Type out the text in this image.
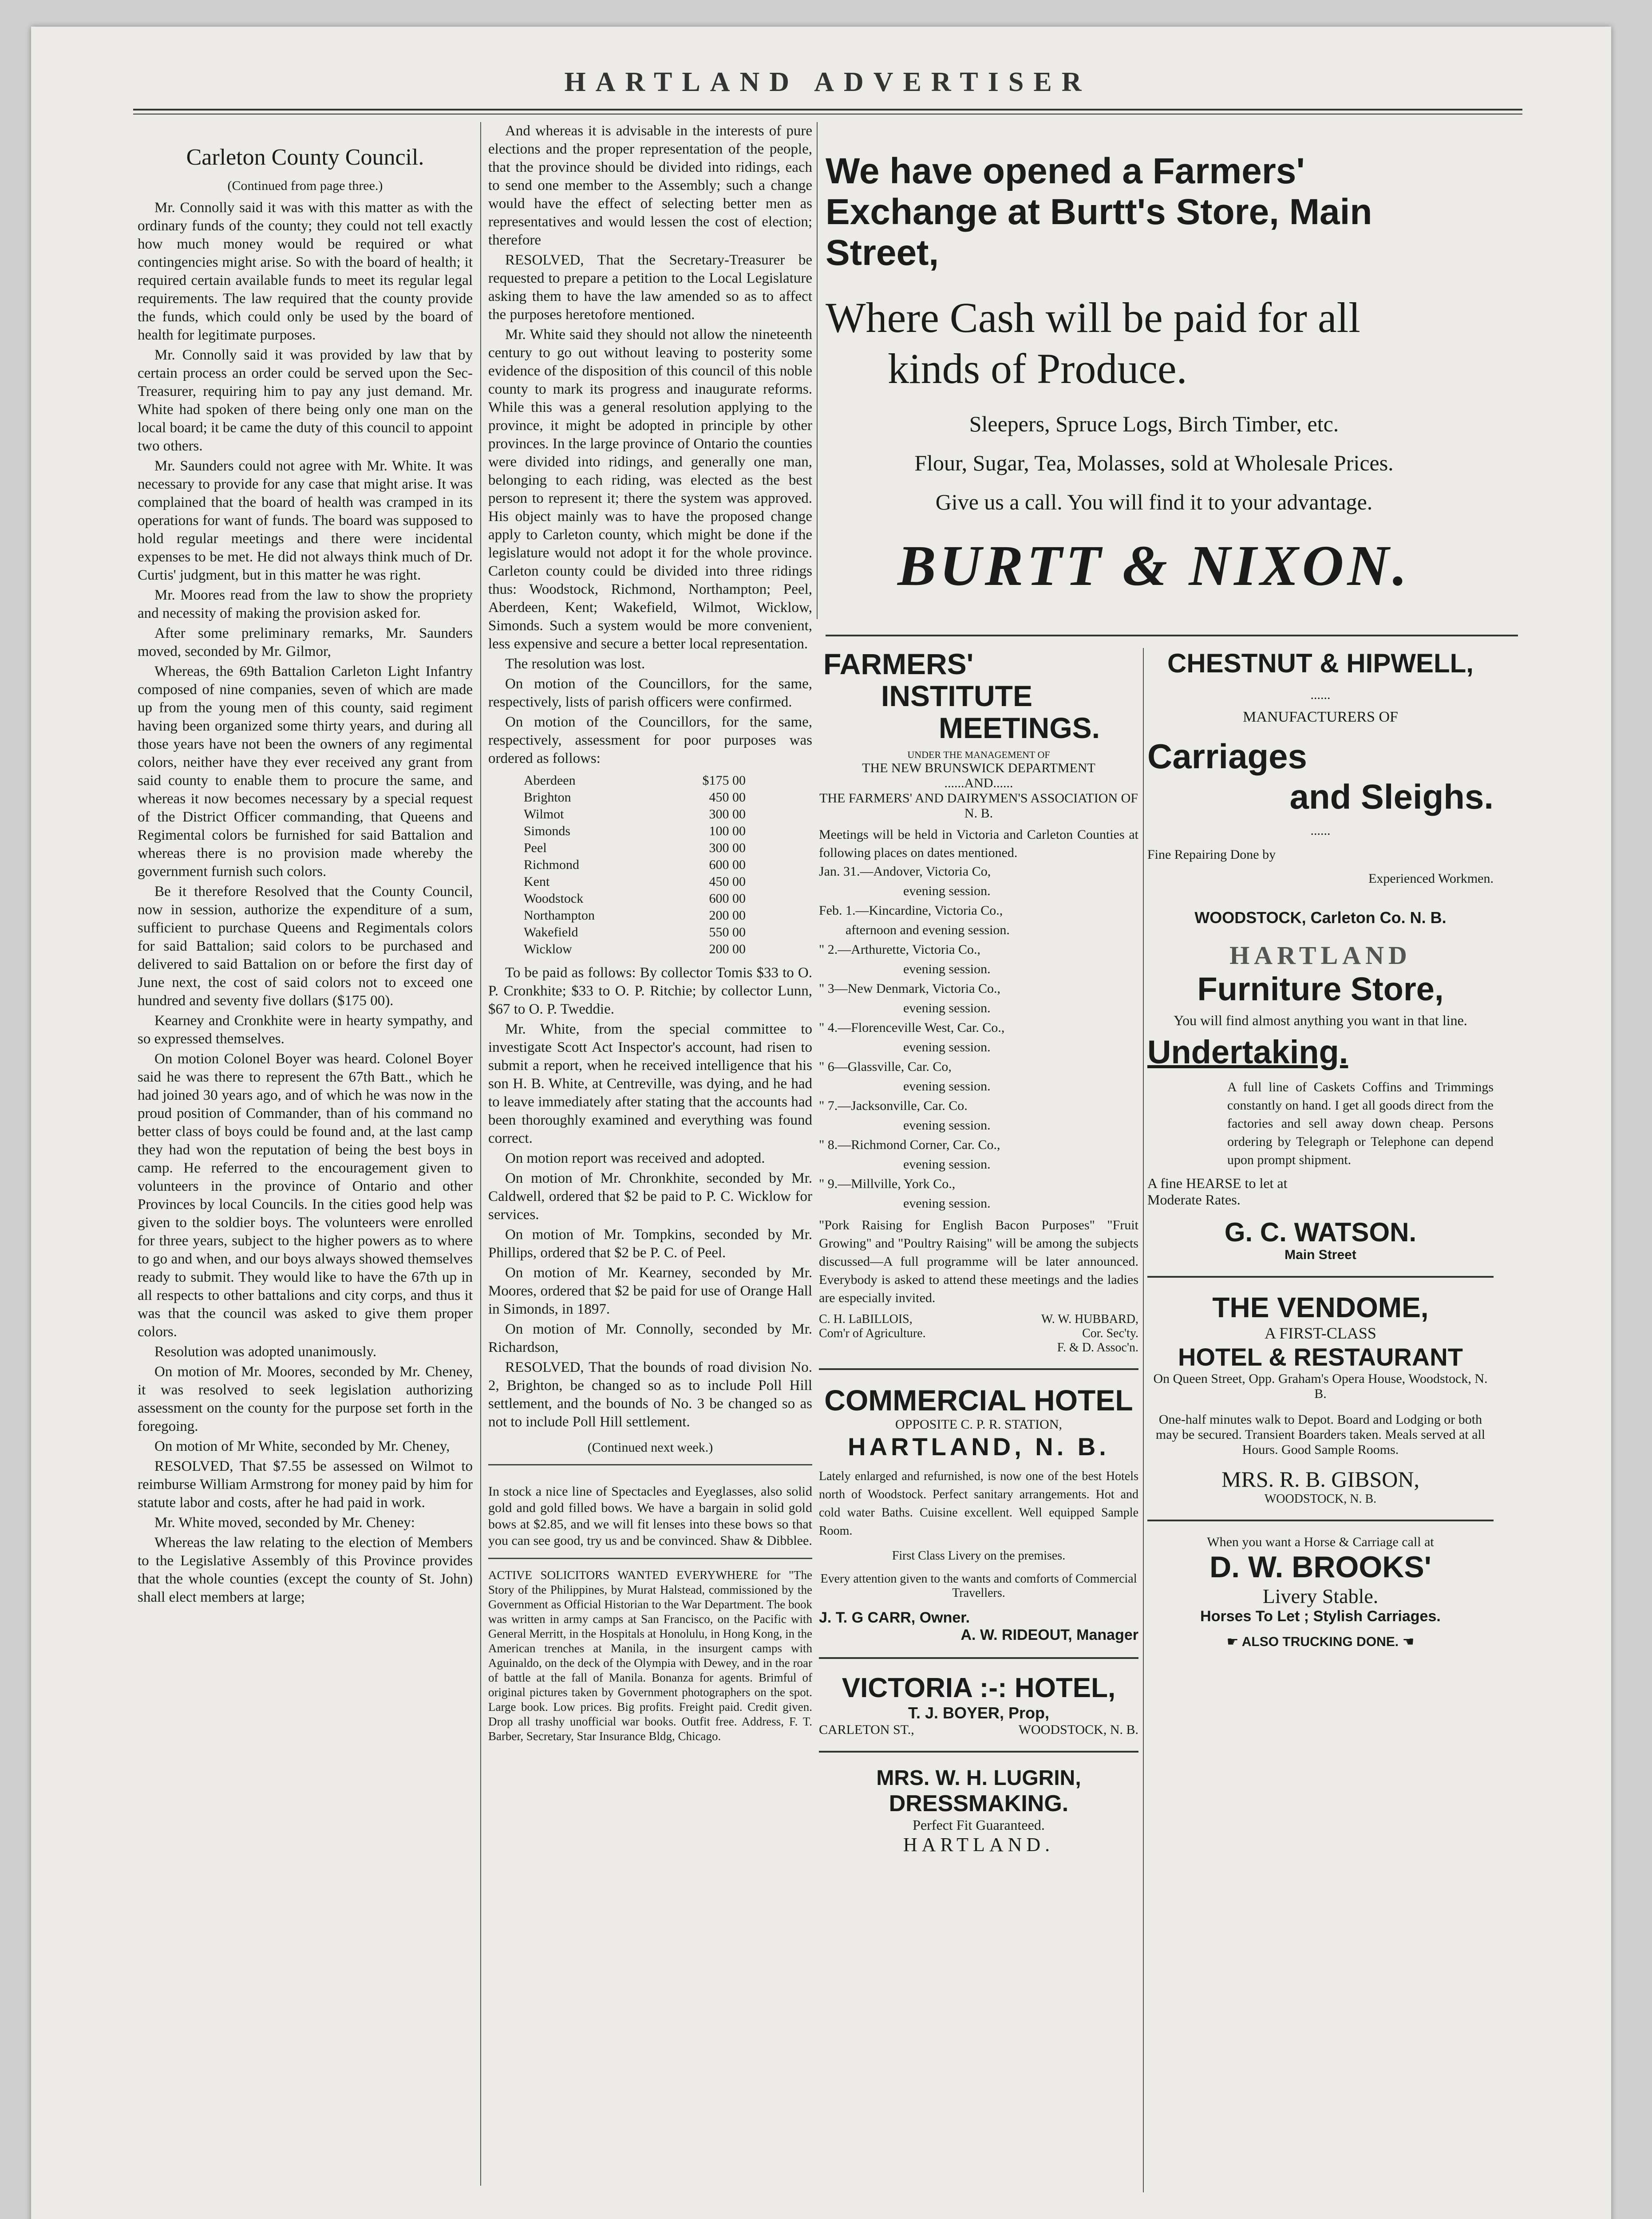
HARTLAND ADVERTISER
Carleton County Council.
(Continued from page three.)

Mr. Connolly said it was with this matter as with the ordinary funds of the county; they could not tell exactly how much money would be required or what contingencies might arise. So with the board of health; it required certain available funds to meet its regular legal requirements. The law required that the county provide the funds, which could only be used by the board of health for legitimate purposes.

Mr. Connolly said it was provided by law that by certain process an order could be served upon the Sec-Treasurer, requiring him to pay any just demand. Mr. White had spoken of there being only one man on the local board; it be came the duty of this council to appoint two others.

Mr. Saunders could not agree with Mr. White. It was necessary to provide for any case that might arise. It was complained that the board of health was cramped in its operations for want of funds. The board was supposed to hold regular meetings and there were incidental expenses to be met. He did not always think much of Dr. Curtis' judgment, but in this matter he was right.

Mr. Moores read from the law to show the propriety and necessity of making the provision asked for.

After some preliminary remarks, Mr. Saunders moved, seconded by Mr. Gilmor,

Whereas, the 69th Battalion Carleton Light Infantry composed of nine companies, seven of which are made up from the young men of this county, said regiment having been organized some thirty years, and during all those years have not been the owners of any regimental colors, neither have they ever received any grant from said county to enable them to procure the same, and whereas it now becomes necessary by a special request of the District Officer commanding, that Queens and Regimental colors be furnished for said Battalion and whereas there is no provision made whereby the government furnish such colors.

Be it therefore Resolved that the County Council, now in session, authorize the expenditure of a sum, sufficient to purchase Queens and Regimentals colors for said Battalion; said colors to be purchased and delivered to said Battalion on or before the first day of June next, the cost of said colors not to exceed one hundred and seventy five dollars ($175 00).

Kearney and Cronkhite were in hearty sympathy, and so expressed themselves.

On motion Colonel Boyer was heard. Colonel Boyer said he was there to represent the 67th Batt., which he had joined 30 years ago, and of which he was now in the proud position of Commander, than of his command no better class of boys could be found and, at the last camp they had won the reputation of being the best boys in camp. He referred to the encouragement given to volunteers in the province of Ontario and other Provinces by local Councils. In the cities good help was given to the soldier boys. The volunteers were enrolled for three years, subject to the higher powers as to where to go and when, and our boys always showed themselves ready to submit. They would like to have the 67th up in all respects to other battalions and city corps, and thus it was that the council was asked to give them proper colors.

Resolution was adopted unanimously.

On motion of Mr. Moores, seconded by Mr. Cheney, it was resolved to seek legislation authorizing assessment on the county for the purpose set forth in the foregoing.

On motion of Mr White, seconded by Mr. Cheney,

RESOLVED, That $7.55 be assessed on Wilmot to reimburse William Armstrong for money paid by him for statute labor and costs, after he had paid in work.

Mr. White moved, seconded by Mr. Cheney:

Whereas the law relating to the election of Members to the Legislative Assembly of this Province provides that the whole counties (except the county of St. John) shall elect members at large;

And whereas it is advisable in the interests of pure elections and the proper representation of the people, that the province should be divided into ridings, each to send one member to the Assembly; such a change would have the effect of selecting better men as representatives and would lessen the cost of election; therefore

RESOLVED, That the Secretary-Treasurer be requested to prepare a petition to the Local Legislature asking them to have the law amended so as to affect the purposes heretofore mentioned.

Mr. White said they should not allow the nineteenth century to go out without leaving to posterity some evidence of the disposition of this council of this noble county to mark its progress and inaugurate reforms. While this was a general resolution applying to the province, it might be adopted in principle by other provinces. In the large province of Ontario the counties were divided into ridings, and generally one man, belonging to each riding, was elected as the best person to represent it; there the system was approved. His object mainly was to have the proposed change apply to Carleton county, which might be done if the legislature would not adopt it for the whole province. Carleton county could be divided into three ridings thus: Woodstock, Richmond, Northampton; Peel, Aberdeen, Kent; Wakefield, Wilmot, Wicklow, Simonds. Such a system would be more convenient, less expensive and secure a better local representation.

The resolution was lost.

On motion of the Councillors, for the same, respectively, lists of parish officers were confirmed.

On motion of the Councillors, for the same, respectively, assessment for poor purposes was ordered as follows:

Aberdeen	$175 00
Brighton	450 00
Wilmot	300 00
Simonds	100 00
Peel	300 00
Richmond	600 00
Kent	450 00
Woodstock	600 00
Northampton	200 00
Wakefield	550 00
Wicklow	200 00

To be paid as follows: By collector Tomis $33 to O. P. Cronkhite; $33 to O. P. Ritchie; by collector Lunn, $67 to O. P. Tweddie.

Mr. White, from the special committee to investigate Scott Act Inspector's account, had risen to submit a report, when he received intelligence that his son H. B. White, at Centreville, was dying, and he had to leave immediately after stating that the accounts had been thoroughly examined and everything was found correct.

On motion report was received and adopted.

On motion of Mr. Chronkhite, seconded by Mr. Caldwell, ordered that $2 be paid to P. C. Wicklow for services.

On motion of Mr. Tompkins, seconded by Mr. Phillips, ordered that $2 be P. C. of Peel.

On motion of Mr. Kearney, seconded by Mr. Moores, ordered that $2 be paid for use of Orange Hall in Simonds, in 1897.

On motion of Mr. Connolly, seconded by Mr. Richardson,

RESOLVED, That the bounds of road division No. 2, Brighton, be changed so as to include Poll Hill settlement, and the bounds of No. 3 be changed so as not to include Poll Hill settlement.

(Continued next week.)
In stock a nice line of Spectacles and Eyeglasses, also solid gold and gold filled bows. We have a bargain in solid gold bows at $2.85, and we will fit lenses into these bows so that you can see good, try us and be convinced. Shaw & Dibblee.
ACTIVE SOLICITORS WANTED EVERYWHERE for "The Story of the Philippines, by Murat Halstead, commissioned by the Government as Official Historian to the War Department. The book was written in army camps at San Francisco, on the Pacific with General Merritt, in the Hospitals at Honolulu, in Hong Kong, in the American trenches at Manila, in the insurgent camps with Aguinaldo, on the deck of the Olympia with Dewey, and in the roar of battle at the fall of Manila. Bonanza for agents. Brimful of original pictures taken by Government photographers on the spot. Large book. Low prices. Big profits. Freight paid. Credit given. Drop all trashy unofficial war books. Outfit free. Address, F. T. Barber, Secretary, Star Insurance Bldg, Chicago.

We have opened a Farmers' Exchange at Burtt's Store, Main Street,

Where Cash will be paid for all

kinds of Produce.

Sleepers, Spruce Logs, Birch Timber, etc.
Flour, Sugar, Tea, Molasses, sold at Wholesale Prices.
Give us a call. You will find it to your advantage.
BURTT & NIXON.
FARMERS'
INSTITUTE
MEETINGS.
UNDER THE MANAGEMENT OF
THE NEW BRUNSWICK DEPARTMENT
......AND......
THE FARMERS' AND DAIRYMEN'S ASSOCIATION OF N. B.
Meetings will be held in Victoria and Carleton Counties at following places on dates mentioned.
Jan. 31.—Andover, Victoria Co,
evening session.
Feb. 1.—Kincardine, Victoria Co.,
afternoon and evening session.
" 2.—Arthurette, Victoria Co.,
evening session.
" 3—New Denmark, Victoria Co.,
evening session.
" 4.—Florenceville West, Car. Co.,
evening session.
" 6—Glassville, Car. Co,
evening session.
" 7.—Jacksonville, Car. Co.
evening session.
" 8.—Richmond Corner, Car. Co.,
evening session.
" 9.—Millville, York Co.,
evening session.
"Pork Raising for English Bacon Purposes" "Fruit Growing" and "Poultry Raising" will be among the subjects discussed—A full programme will be later announced. Everybody is asked to attend these meetings and the ladies are especially invited.
C. H. LaBILLOIS,
Com'r of Agriculture.
W. W. HUBBARD,
Cor. Sec'ty.
F. & D. Assoc'n.
COMMERCIAL HOTEL
OPPOSITE C. P. R. STATION,
HARTLAND, N. B.
Lately enlarged and refurnished, is now one of the best Hotels north of Woodstock. Perfect sanitary arrangements. Hot and cold water Baths. Cuisine excellent. Well equipped Sample Room.
First Class Livery on the premises.
Every attention given to the wants and comforts of Commercial Travellers.
J. T. G CARR, Owner.
A. W. RIDEOUT, Manager
VICTORIA :-: HOTEL,
T. J. BOYER, Prop,
CARLETON ST.,	WOODSTOCK, N. B.
MRS. W. H. LUGRIN,
DRESSMAKING.
Perfect Fit Guaranteed.
HARTLAND.
CHESTNUT & HIPWELL,
......
MANUFACTURERS OF
Carriages
and Sleighs.
......
Fine Repairing Done by
Experienced Workmen.
WOODSTOCK, Carleton Co. N. B.
HARTLAND
Furniture Store,
You will find almost anything you want in that line.
Undertaking.
A full line of Caskets Coffins and Trimmings constantly on hand. I get all goods direct from the factories and sell away down cheap. Persons ordering by Telegraph or Telephone can depend upon prompt shipment.
A fine HEARSE to let at
Moderate Rates.
G. C. WATSON.
Main Street
THE VENDOME,
A FIRST-CLASS
HOTEL & RESTAURANT
On Queen Street, Opp. Graham's Opera House, Woodstock, N. B.
One-half minutes walk to Depot. Board and Lodging or both may be secured. Transient Boarders taken. Meals served at all Hours. Good Sample Rooms.
MRS. R. B. GIBSON,
WOODSTOCK, N. B.
When you want a Horse & Carriage call at
D. W. BROOKS'
Livery Stable.
Horses To Let ; Stylish Carriages.
☛ ALSO TRUCKING DONE. ☚
